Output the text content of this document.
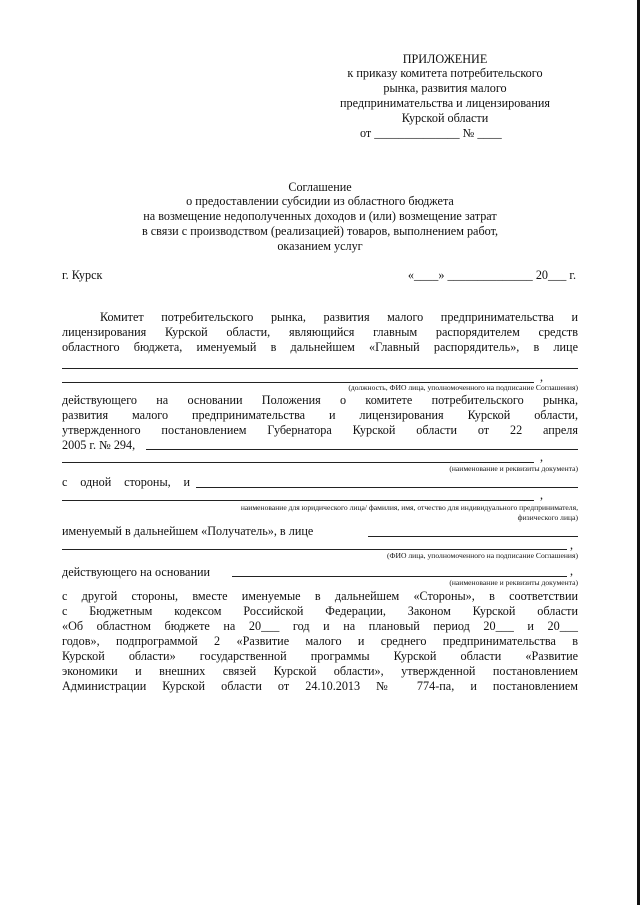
ПРИЛОЖЕНИЕ
к приказу комитета потребительского
рынка, развития малого
предпринимательства и лицензирования
Курской области
от ______________ № ____
Соглашение
о предоставлении субсидии из областного бюджета
на возмещение недополученных доходов и (или) возмещение затрат
в связи с производством (реализацией) товаров, выполнением работ,
оказанием услуг
г. Курск	«____» ______________ 20___ г.
Комитет потребительского рынка, развития малого предпринимательства и
лицензирования Курской области, являющийся главным распорядителем средств
областного бюджета, именуемый в дальнейшем «Главный распорядитель», в лице
,
(должность, ФИО лица, уполномоченного на подписание Соглашения)
действующего на основании Положения о комитете потребительского рынка,
развития малого предпринимательства и лицензирования Курской области,
утвержденного постановлением Губернатора Курской области от 22 апреля
2005 г. № 294,
,
(наименование и реквизиты документа)
с одной стороны, и
,
наименование для юридического лица/ фамилия, имя, отчество для индивидуального предпринимателя,
физического лица)
именуемый в дальнейшем «Получатель», в лице
,
(ФИО лица, уполномоченного на подписание Соглашения)
действующего на основании	,
(наименование и реквизиты документа)
с другой стороны, вместе именуемые в дальнейшем «Стороны», в соответствии
с Бюджетным кодексом Российской Федерации, Законом Курской области
«Об областном бюджете на 20___ год и на плановый период 20___ и 20___
годов», подпрограммой 2 «Развитие малого и среднего предпринимательства в
Курской области» государственной программы Курской области «Развитие
экономики и внешних связей Курской области», утвержденной постановлением
Администрации Курской области от 24.10.2013 № 774-па, и постановлением
